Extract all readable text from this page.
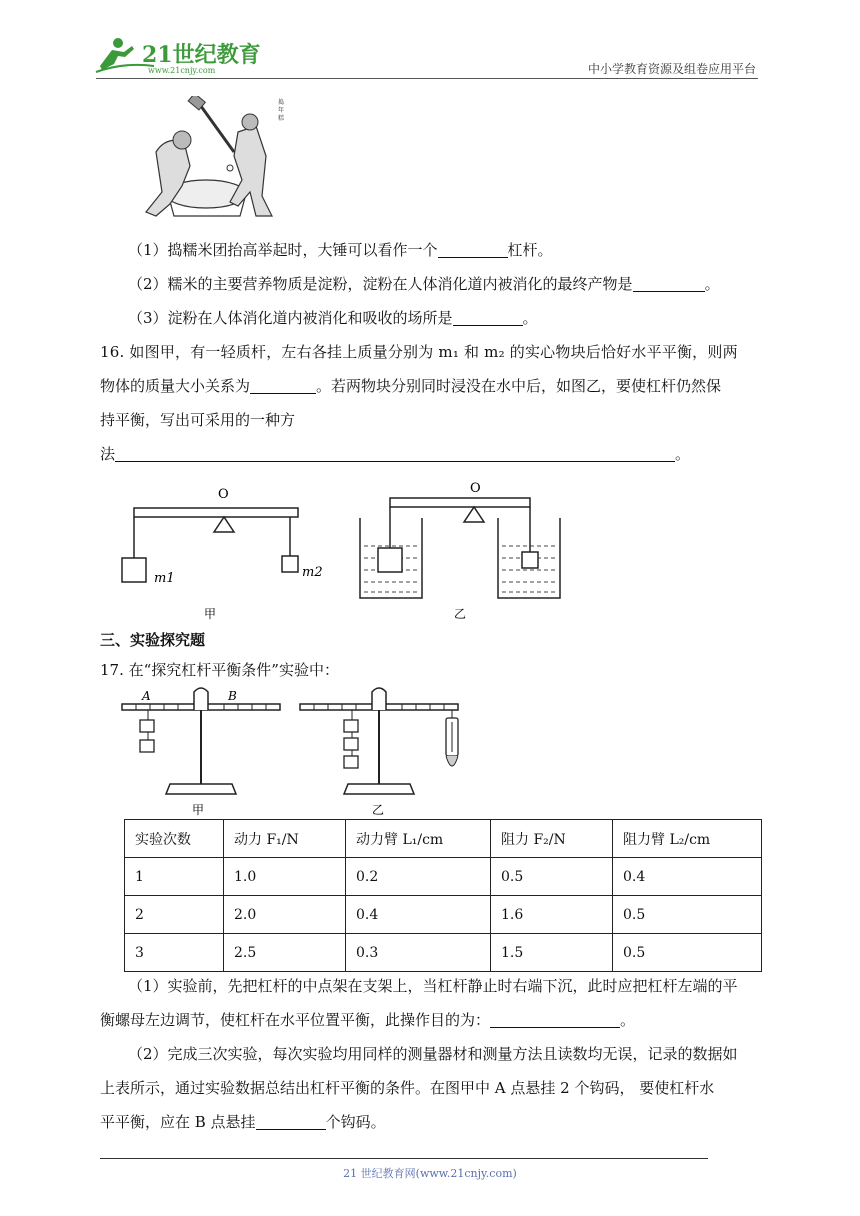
21世纪教育
www.21cnjy.com	中小学教育资源及组卷应用平台
捣
年
糕
（1）捣糯米团抬高举起时，大锤可以看作一个	杠杆。
（2）糯米的主要营养物质是淀粉，淀粉在人体消化道内被消化的最终产物是	。
（3）淀粉在人体消化道内被消化和吸收的场所是	。
16. 如图甲，有一轻质杆，左右各挂上质量分别为 m₁ 和 m₂ 的实心物块后恰好水平平衡，则两
物体的质量大小关系为	。若两物块分别同时浸没在水中后，如图乙，要使杠杆仍然保
持平衡，写出可采用的一种方
法	。
O
m1	m2
甲
O
乙
三、实验探究题
17. 在“探究杠杆平衡条件”实验中：
A	B
甲	乙
实验次数	动力 F₁/N	动力臂 L₁/cm	阻力 F₂/N	阻力臂 L₂/cm
1	1.0	0.2	0.5	0.4
2	2.0	0.4	1.6	0.5
3	2.5	0.3	1.5	0.5
（1）实验前，先把杠杆的中点架在支架上，当杠杆静止时右端下沉，此时应把杠杆左端的平
衡螺母左边调节，使杠杆在水平位置平衡，此操作目的为：	。
（2）完成三次实验，每次实验均用同样的测量器材和测量方法且读数均无误，记录的数据如
上表所示，通过实验数据总结出杠杆平衡的条件。在图甲中 A 点悬挂 2 个钩码， 要使杠杆水
平平衡，应在 B 点悬挂	个钩码。
21 世纪教育网(www.21cnjy.com)
